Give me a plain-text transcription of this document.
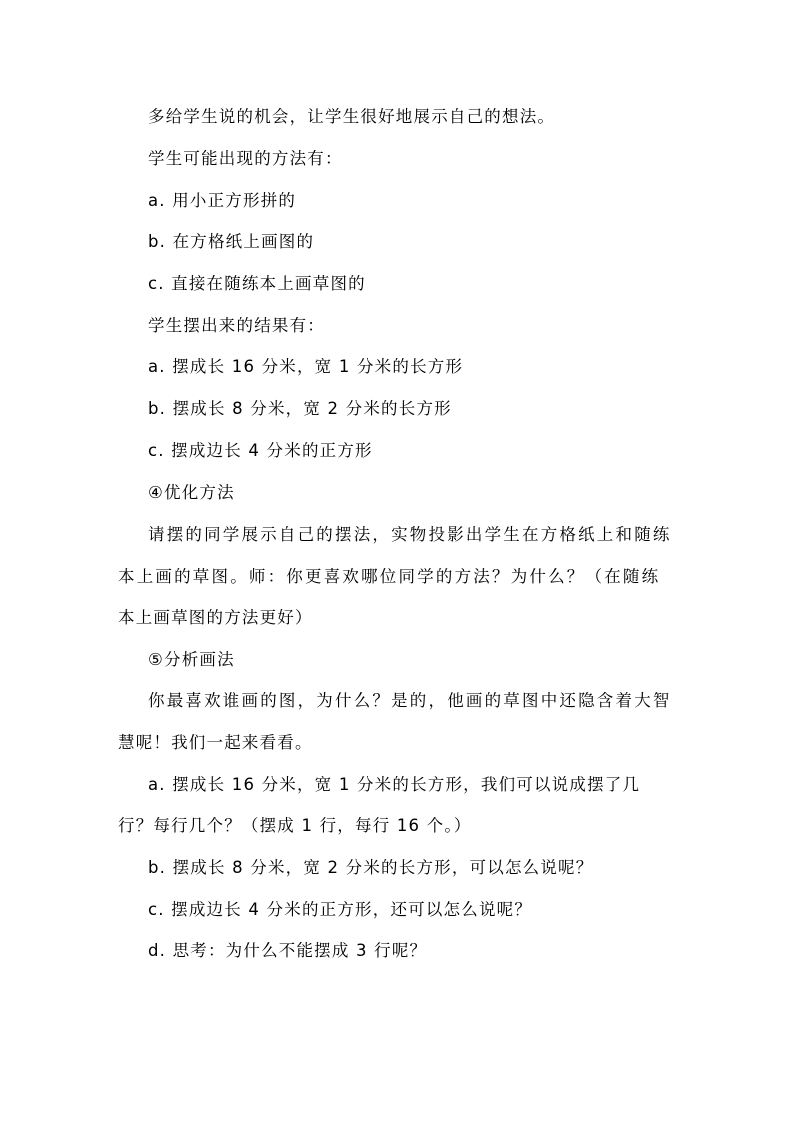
多给学生说的机会，让学生很好地展示自己的想法。
学生可能出现的方法有：
a. 用小正方形拼的
b. 在方格纸上画图的
c. 直接在随练本上画草图的
学生摆出来的结果有：
a. 摆成长 16 分米，宽 1 分米的长方形
b. 摆成长 8 分米，宽 2 分米的长方形
c. 摆成边长 4 分米的正方形
④优化方法
请摆的同学展示自己的摆法，实物投影出学生在方格纸上和随练
本上画的草图。师：你更喜欢哪位同学的方法？为什么？（在随练
本上画草图的方法更好）
⑤分析画法
你最喜欢谁画的图，为什么？是的，他画的草图中还隐含着大智
慧呢！我们一起来看看。
a. 摆成长 16 分米，宽 1 分米的长方形，我们可以说成摆了几
行？每行几个？（摆成 1 行，每行 16 个。）
b. 摆成长 8 分米，宽 2 分米的长方形，可以怎么说呢？
c. 摆成边长 4 分米的正方形，还可以怎么说呢？
d. 思考：为什么不能摆成 3 行呢？
